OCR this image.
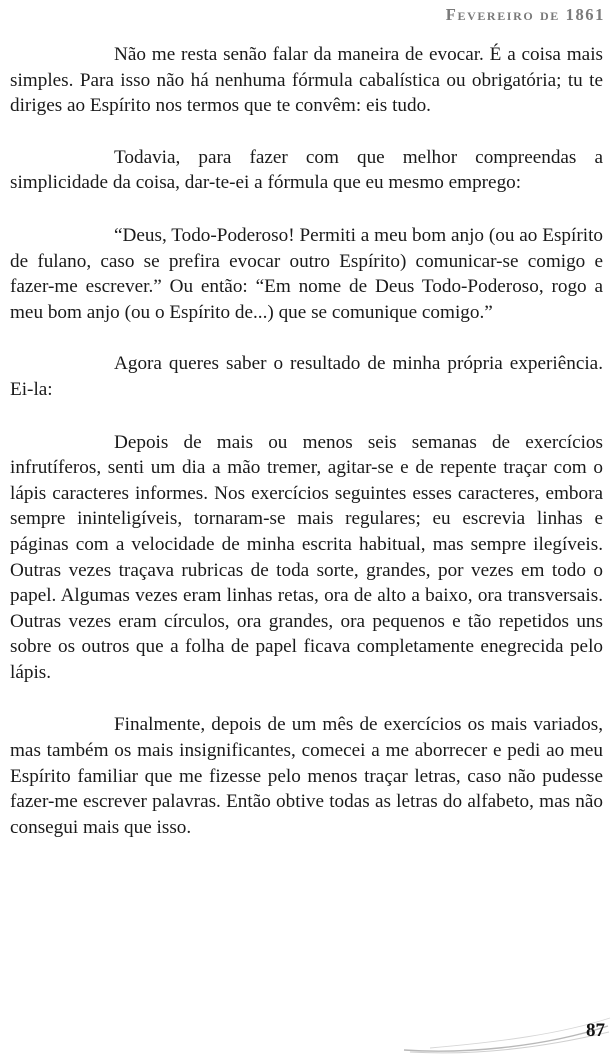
Fevereiro de 1861

Não me resta senão falar da maneira de evocar. É a coisa mais simples. Para isso não há nenhuma fórmula cabalística ou obrigatória; tu te diriges ao Espírito nos termos que te convêm: eis tudo.

Todavia, para fazer com que melhor compreendas a simplicidade da coisa, dar-te-ei a fórmula que eu mesmo emprego:

“Deus, Todo-Poderoso! Permiti a meu bom anjo (ou ao Espírito de fulano, caso se prefira evocar outro Espírito) comunicar-se comigo e fazer-me escrever.” Ou então: “Em nome de Deus Todo-Poderoso, rogo a meu bom anjo (ou o Espírito de...) que se comunique comigo.”

Agora queres saber o resultado de minha própria experiência. Ei-la:

Depois de mais ou menos seis semanas de exercícios infrutíferos, senti um dia a mão tremer, agitar-se e de repente traçar com o lápis caracteres informes. Nos exercícios seguintes esses caracteres, embora sempre ininteligíveis, tornaram-se mais regulares; eu escrevia linhas e páginas com a velocidade de minha escrita habitual, mas sempre ilegíveis. Outras vezes traçava rubricas de toda sorte, grandes, por vezes em todo o papel. Algumas vezes eram linhas retas, ora de alto a baixo, ora transversais. Outras vezes eram círculos, ora grandes, ora pequenos e tão repetidos uns sobre os outros que a folha de papel ficava completamente enegrecida pelo lápis.

Finalmente, depois de um mês de exercícios os mais variados, mas também os mais insignificantes, comecei a me aborrecer e pedi ao meu Espírito familiar que me fizesse pelo menos traçar letras, caso não pudesse fazer-me escrever palavras. Então obtive todas as letras do alfabeto, mas não consegui mais que isso.

87
